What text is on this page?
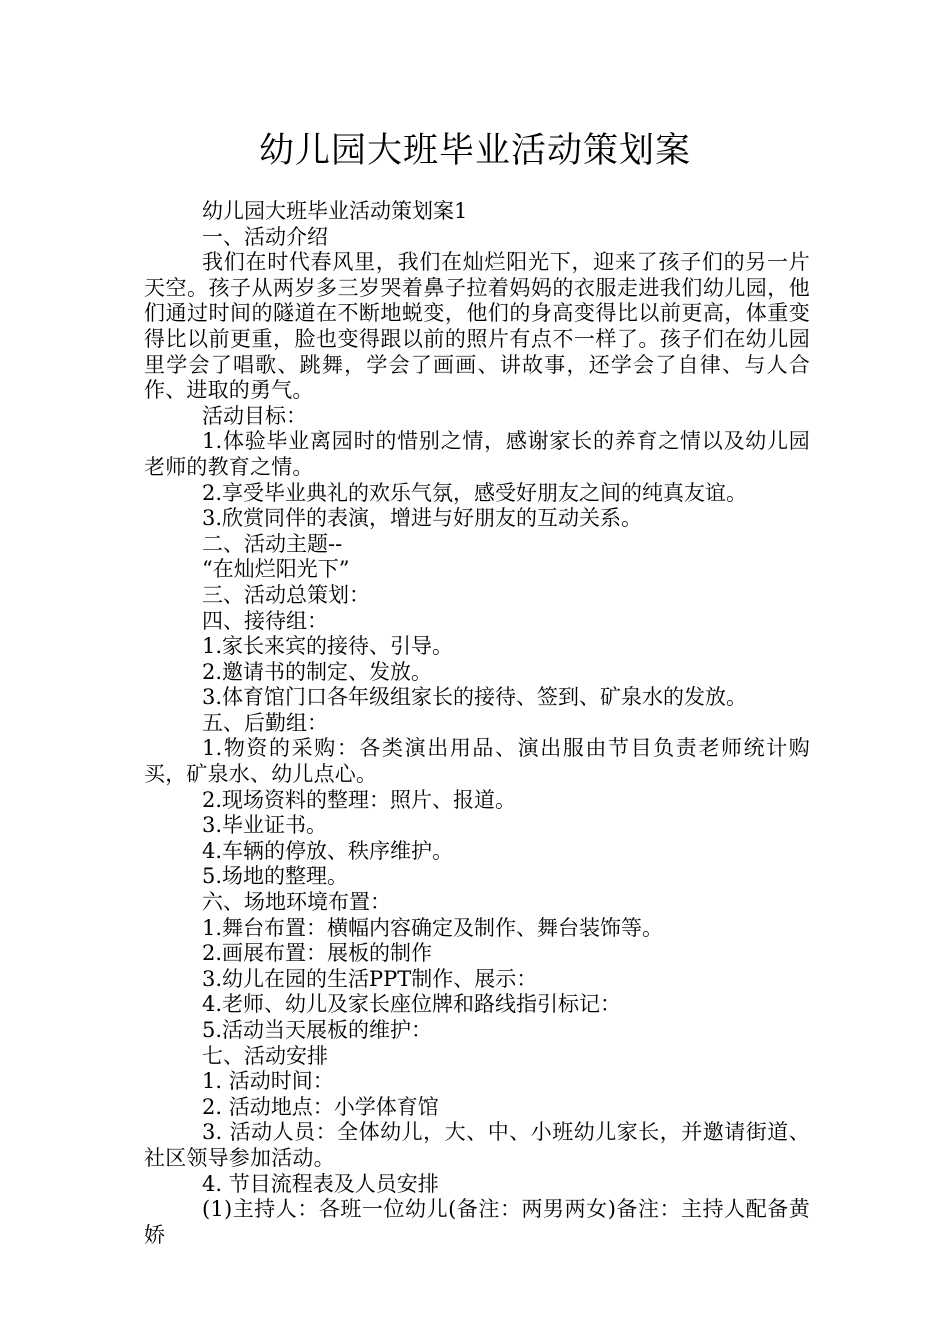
幼儿园大班毕业活动策划案
幼儿园大班毕业活动策划案1
一、活动介绍

我们在时代春风里，我们在灿烂阳光下，迎来了孩子们的另一片天空。孩子从两岁多三岁哭着鼻子拉着妈妈的衣服走进我们幼儿园，他们通过时间的隧道在不断地蜕变，他们的身高变得比以前更高，体重变得比以前更重，脸也变得跟以前的照片有点不一样了。孩子们在幼儿园里学会了唱歌、跳舞，学会了画画、讲故事，还学会了自律、与人合作、进取的勇气。

活动目标：

1.体验毕业离园时的惜别之情，感谢家长的养育之情以及幼儿园老师的教育之情。

2.享受毕业典礼的欢乐气氛，感受好朋友之间的纯真友谊。
3.欣赏同伴的表演，增进与好朋友的互动关系。
二、活动主题--
“在灿烂阳光下”
三、活动总策划：
四、接待组：
1.家长来宾的接待、引导。
2.邀请书的制定、发放。
3.体育馆门口各年级组家长的接待、签到、矿泉水的发放。
五、后勤组：

1.物资的采购：各类演出用品、演出服由节目负责老师统计购买，矿泉水、幼儿点心。

2.现场资料的整理：照片、报道。
3.毕业证书。
4.车辆的停放、秩序维护。
5.场地的整理。
六、场地环境布置：
1.舞台布置：横幅内容确定及制作、舞台装饰等。
2.画展布置：展板的制作
3.幼儿在园的生活PPT制作、展示：
4.老师、幼儿及家长座位牌和路线指引标记：
5.活动当天展板的维护：
七、活动安排
1. 活动时间：
2. 活动地点：小学体育馆

3. 活动人员：全体幼儿，大、中、小班幼儿家长，并邀请街道、社区领导参加活动。

4. 节目流程表及人员安排

(1)主持人：各班一位幼儿(备注：两男两女)备注：主持人配备黄娇
